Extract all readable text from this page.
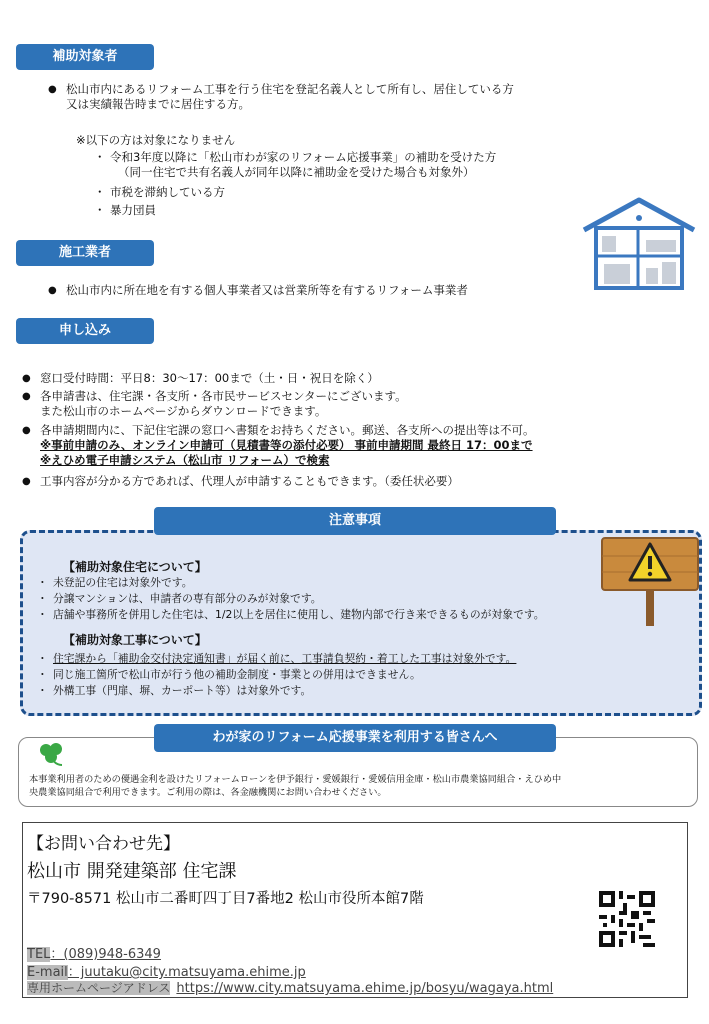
補助対象者
● 松山市内にあるリフォーム工事を行う住宅を登記名義人として所有し、居住している方
又は実績報告時までに居住する方。
※以下の方は対象になりません
・ 令和3年度以降に「松山市わが家のリフォーム応援事業」の補助を受けた方
（同一住宅で共有名義人が同年以降に補助金を受けた場合も対象外）
・ 市税を滞納している方
・ 暴力団員
施工業者
● 松山市内に所在地を有する個人事業者又は営業所等を有するリフォーム事業者
申し込み
● 窓口受付時間：平日8：30～17：00まで（土・日・祝日を除く）
● 各申請書は、住宅課・各支所・各市民サービスセンターにございます。
また松山市のホームページからダウンロードできます。
● 各申請期間内に、下記住宅課の窓口へ書類をお持ちください。郵送、各支所への提出等は不可。
※事前申請のみ、オンライン申請可（見積書等の添付必要） 事前申請期間 最終日 17：00まで
※えひめ電子申請システム（松山市 リフォーム）で検索
● 工事内容が分かる方であれば、代理人が申請することもできます。（委任状必要）
【補助対象住宅について】
・ 未登記の住宅は対象外です。
・ 分譲マンションは、申請者の専有部分のみが対象です。
・ 店舗や事務所を併用した住宅は、1/2以上を居住に使用し、建物内部で行き来できるものが対象です。
【補助対象工事について】
・ 住宅課から「補助金交付決定通知書」が届く前に、工事請負契約・着工した工事は対象外です。
・ 同じ施工箇所で松山市が行う他の補助金制度・事業との併用はできません。
・ 外構工事（門扉、塀、カーポート等）は対象外です。
注意事項
本事業利用者のための優遇金利を設けたリフォームローンを伊予銀行・愛媛銀行・愛媛信用金庫・松山市農業協同組合・えひめ中
央農業協同組合で利用できます。ご利用の際は、各金融機関にお問い合わせください。
わが家のリフォーム応援事業を利用する皆さんへ
【お問い合わせ先】
松山市 開発建築部 住宅課
〒790-8571 松山市二番町四丁目7番地2 松山市役所本館7階
TEL：(089)948-6349
E-mail：juutaku@city.matsuyama.ehime.jp
専用ホームページアドレス https://www.city.matsuyama.ehime.jp/bosyu/wagaya.html
